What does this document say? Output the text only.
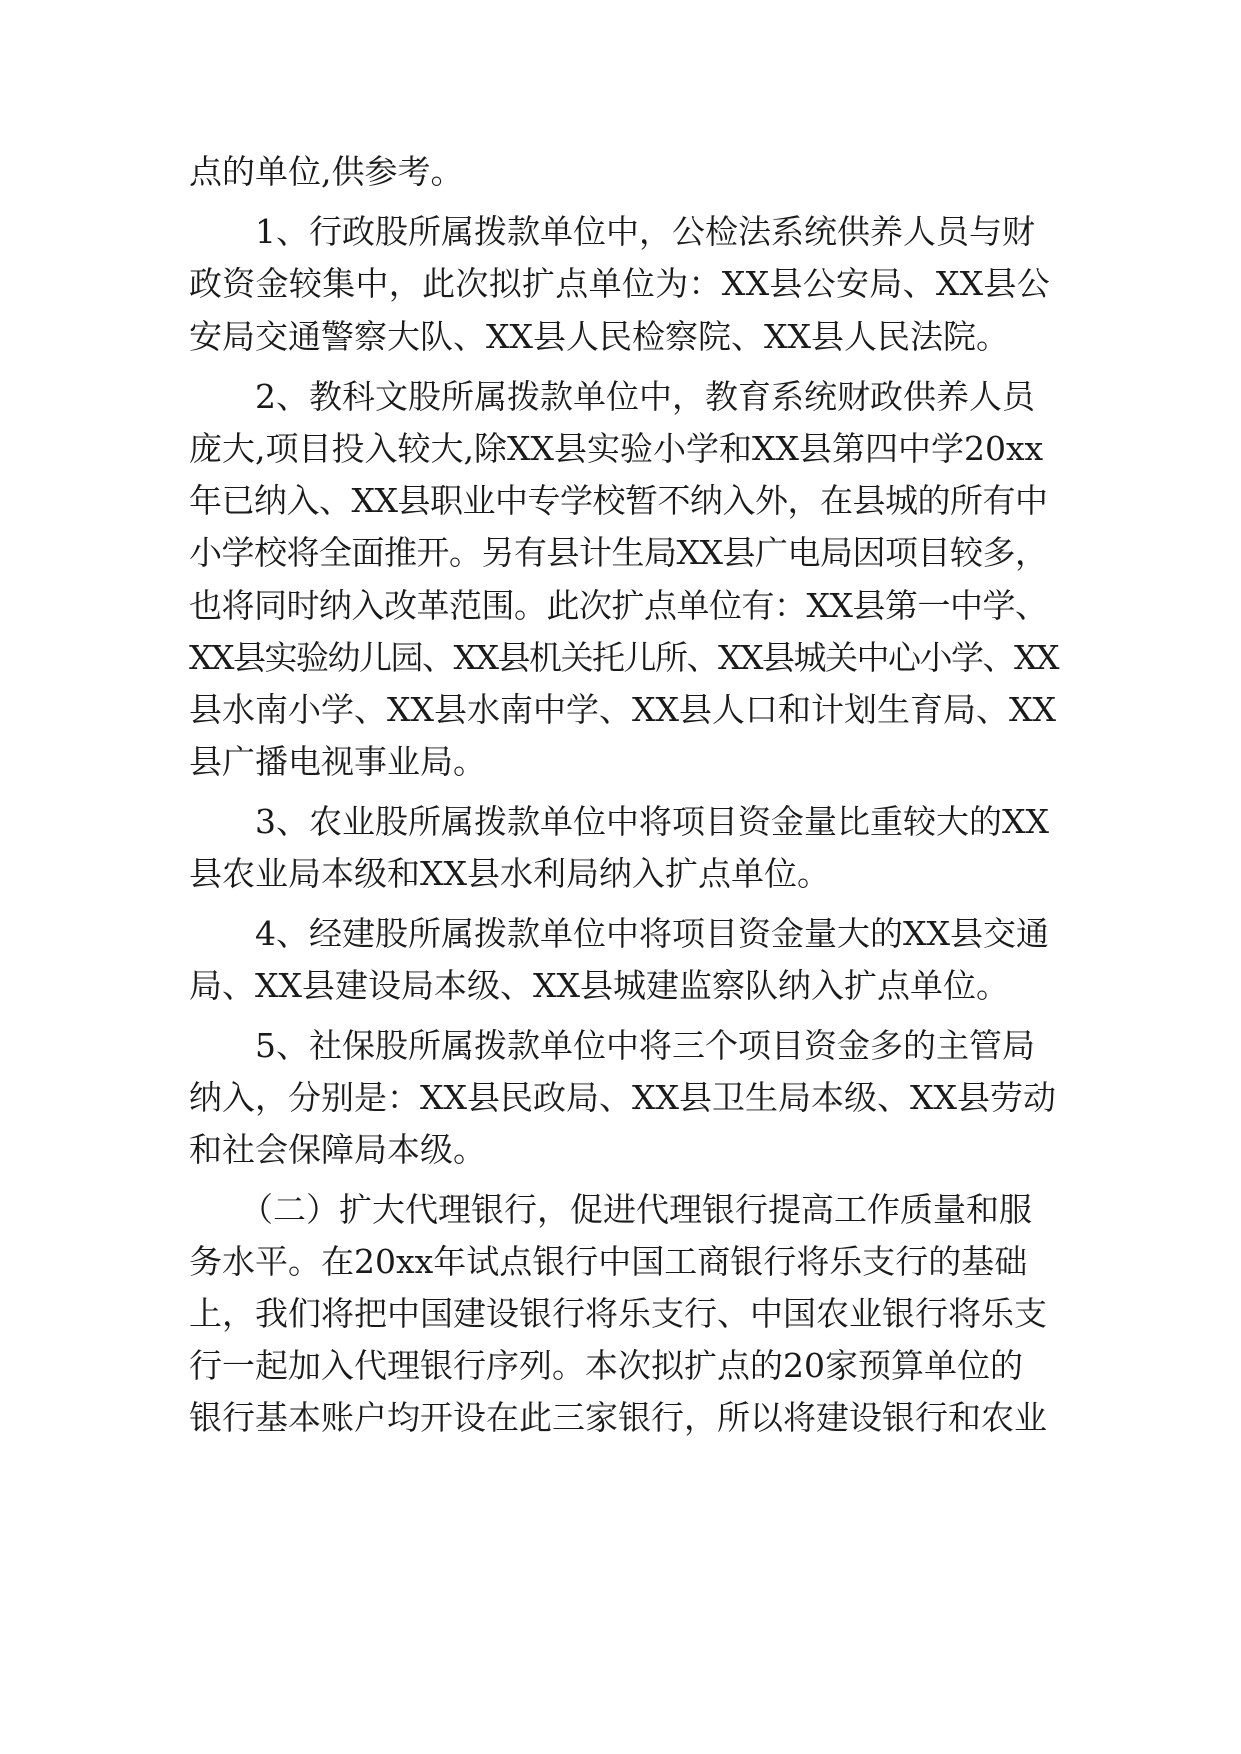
点的单位,供参考。

1、行政股所属拨款单位中，公检法系统供养人员与财

政资金较集中，此次拟扩点单位为：XX县公安局、XX县公

安局交通警察大队、XX县人民检察院、XX县人民法院。

2、教科文股所属拨款单位中，教育系统财政供养人员

庞大,项目投入较大,除XX县实验小学和XX县第四中学20xx

年已纳入、XX县职业中专学校暂不纳入外，在县城的所有中

小学校将全面推开。另有县计生局XX县广电局因项目较多，

也将同时纳入改革范围。此次扩点单位有：XX县第一中学、

XX县实验幼儿园、XX县机关托儿所、XX县城关中心小学、XX

县水南小学、XX县水南中学、XX县人口和计划生育局、XX

县广播电视事业局。

3、农业股所属拨款单位中将项目资金量比重较大的XX

县农业局本级和XX县水利局纳入扩点单位。

4、经建股所属拨款单位中将项目资金量大的XX县交通

局、XX县建设局本级、XX县城建监察队纳入扩点单位。

5、社保股所属拨款单位中将三个项目资金多的主管局

纳入，分别是：XX县民政局、XX县卫生局本级、XX县劳动

和社会保障局本级。

（二）扩大代理银行，促进代理银行提高工作质量和服

务水平。在20xx年试点银行中国工商银行将乐支行的基础

上，我们将把中国建设银行将乐支行、中国农业银行将乐支

行一起加入代理银行序列。本次拟扩点的20家预算单位的

银行基本账户均开设在此三家银行，所以将建设银行和农业
